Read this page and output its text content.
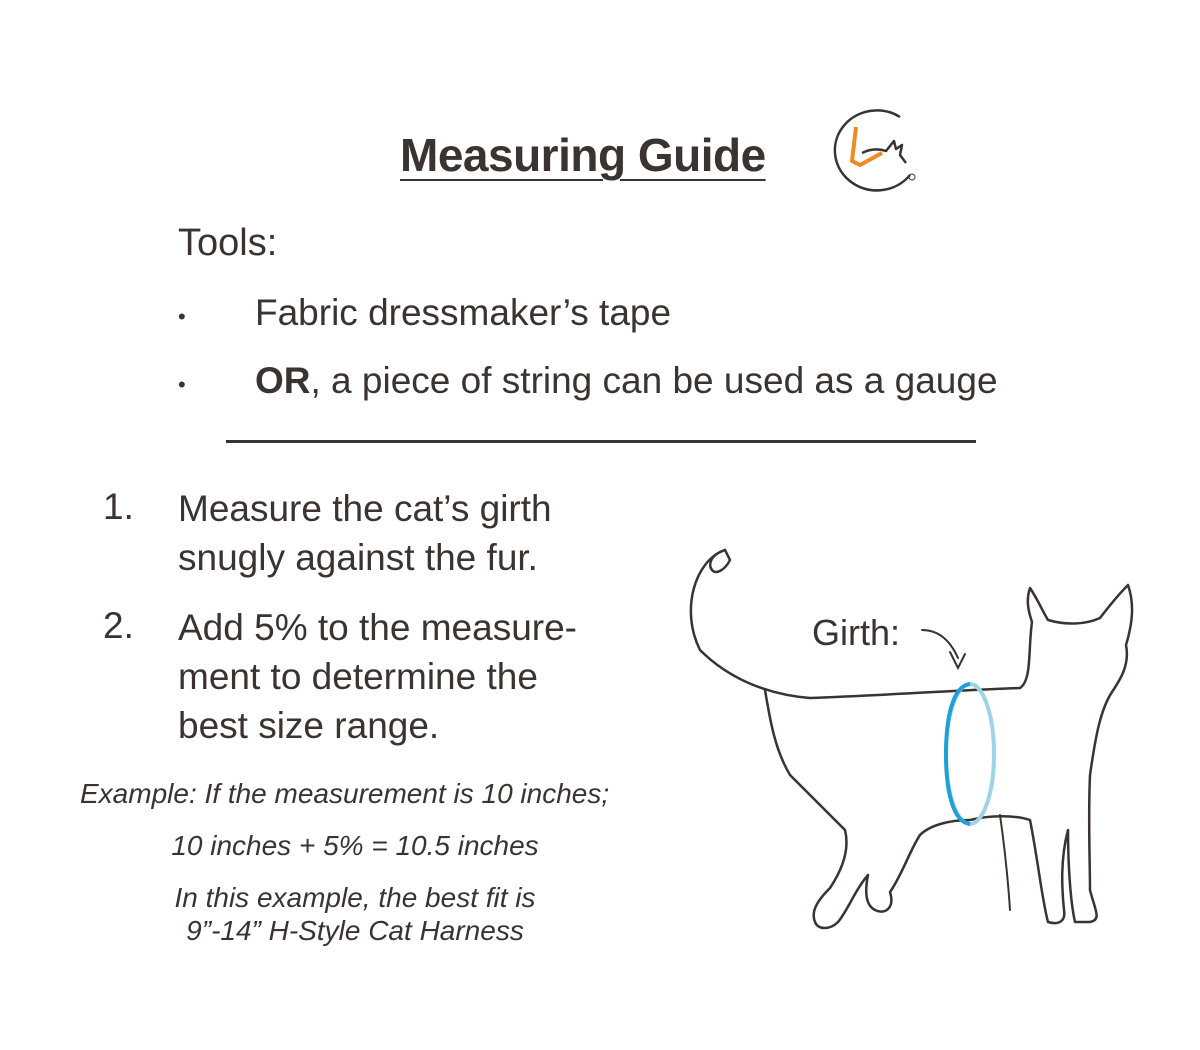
Measuring Guide
Tools:
• Fabric dressmaker’s tape
• OR, a piece of string can be used as a gauge
1. Measure the cat’s girth
snugly against the fur.
2. Add 5% to the measure-
ment to determine the
best size range.
Example: If the measurement is 10 inches;
10 inches + 5% = 10.5 inches
In this example, the best fit is
9”-14” H-Style Cat Harness
Girth:
